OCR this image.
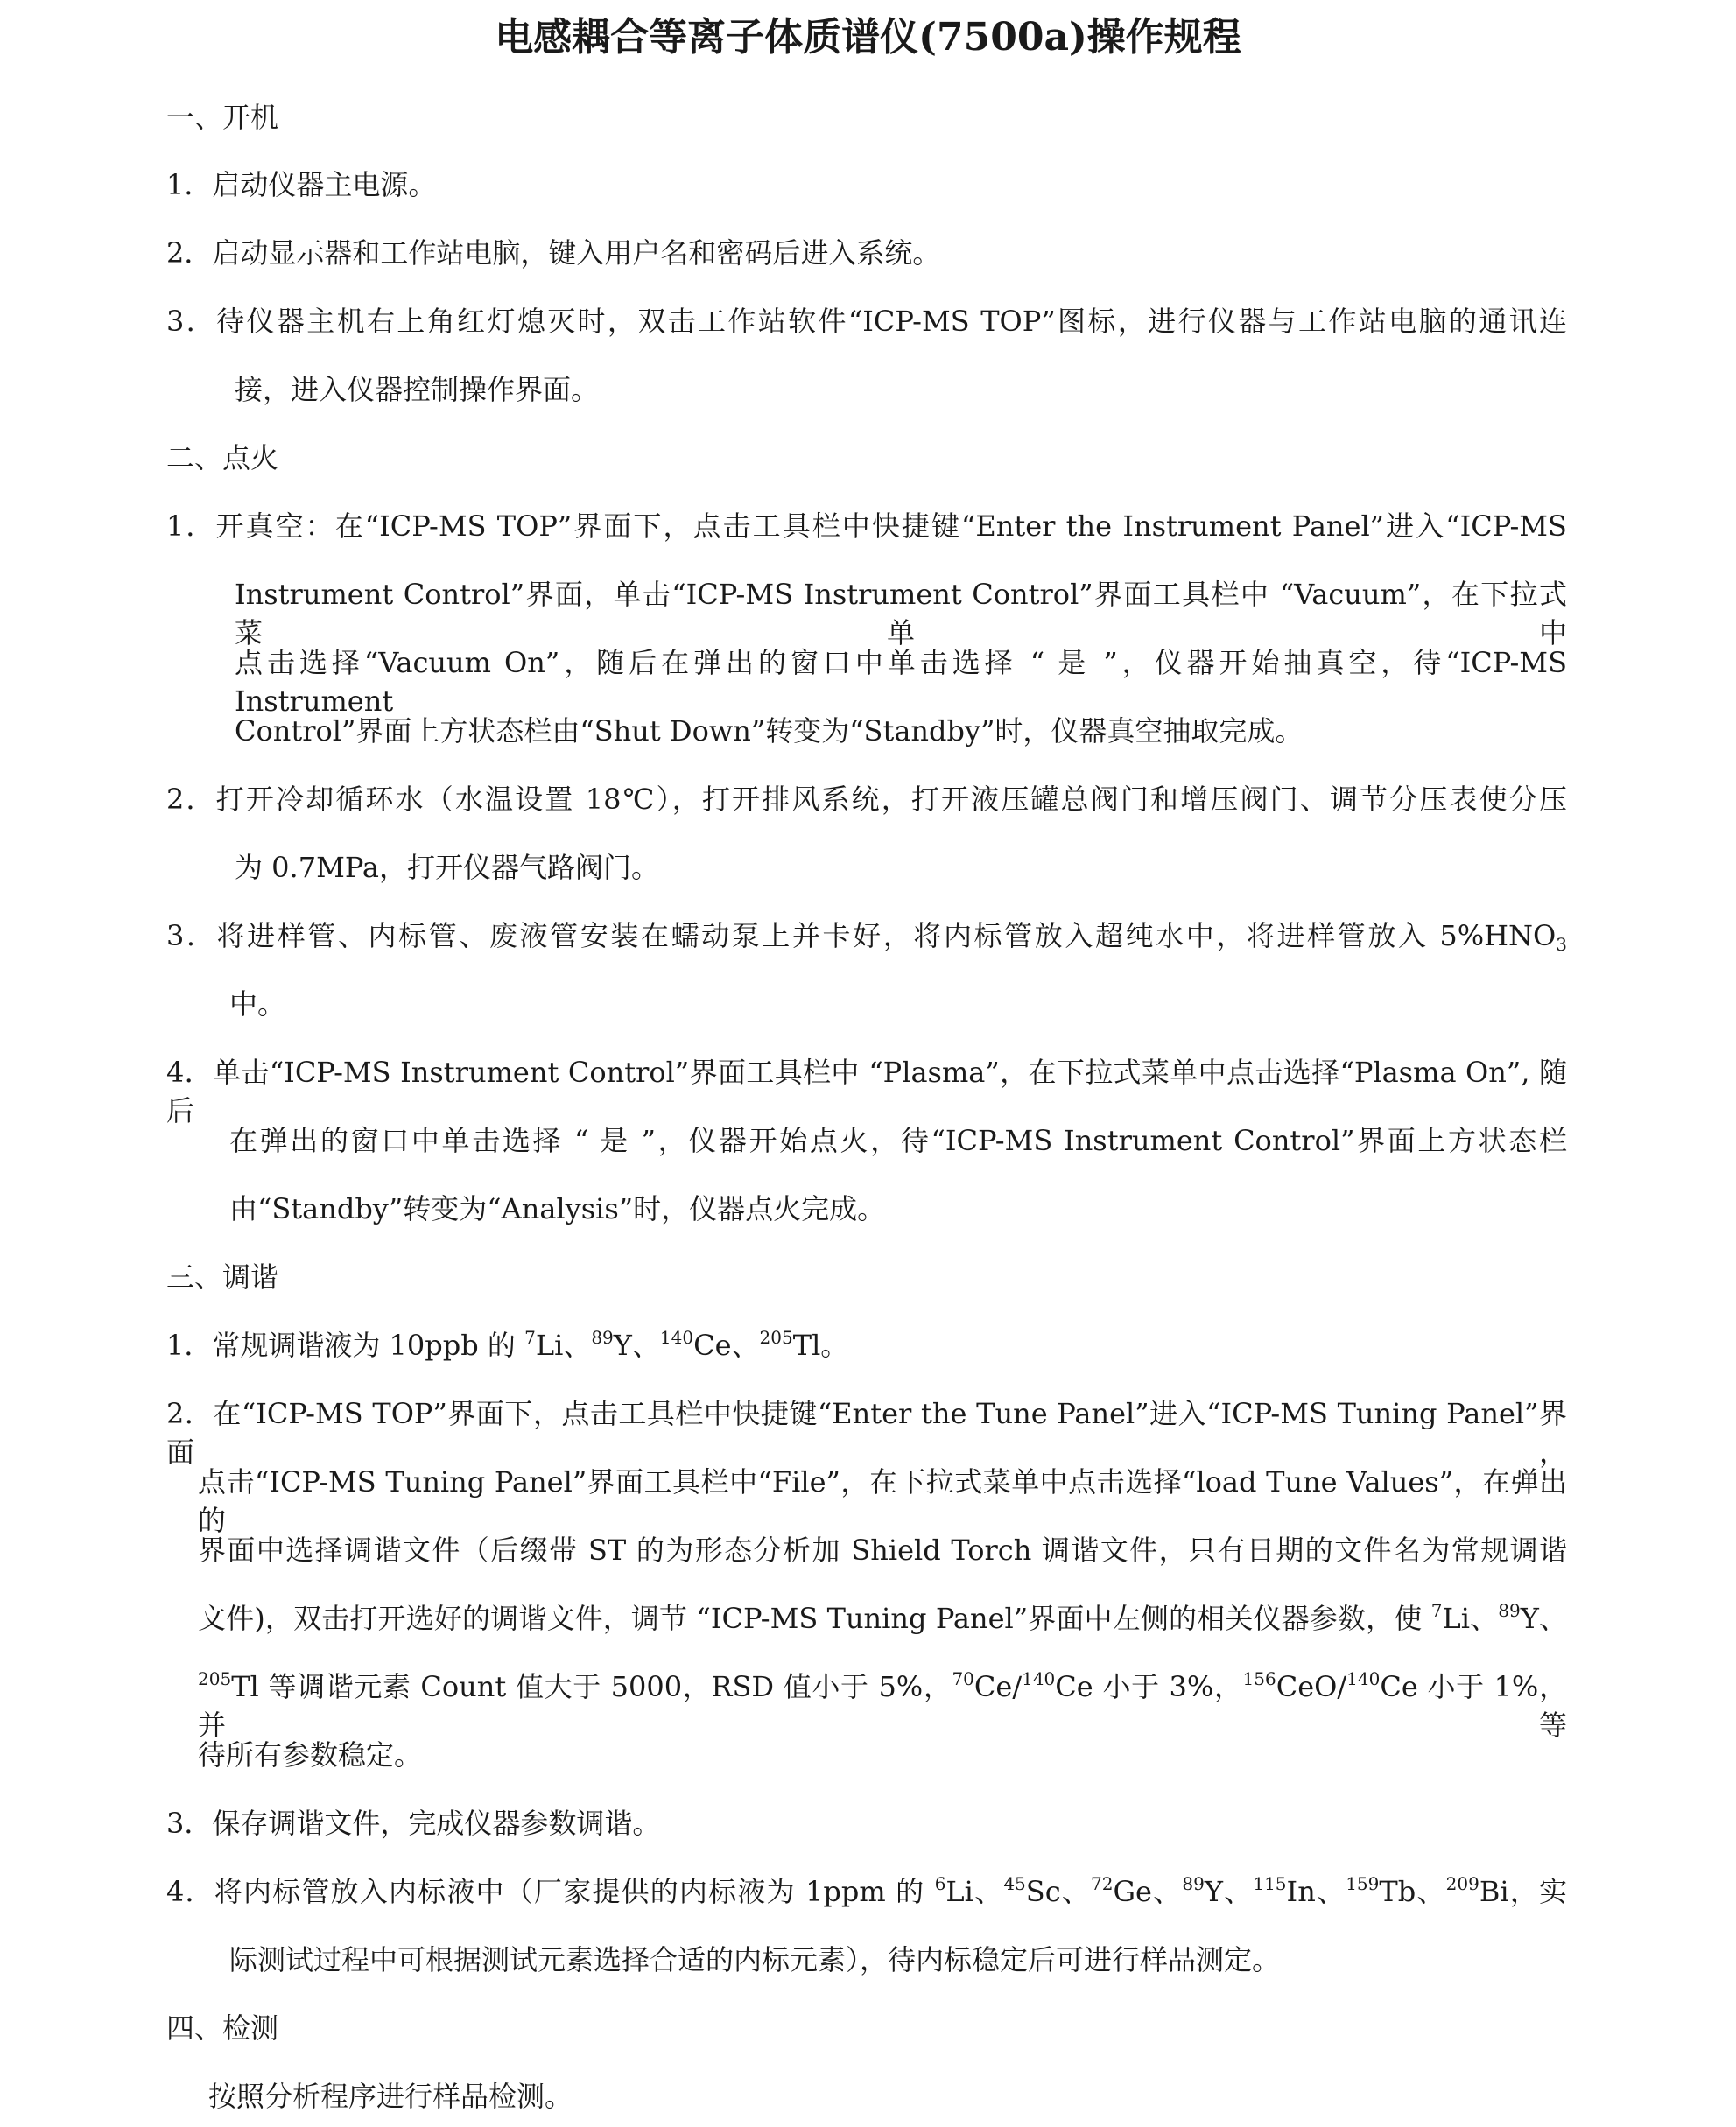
电感耦合等离子体质谱仪(7500a)操作规程
一、开机
1．启动仪器主电源。
2．启动显示器和工作站电脑，键入用户名和密码后进入系统。
3．待仪器主机右上角红灯熄灭时，双击工作站软件“ICP-MS TOP”图标，进行仪器与工作站电脑的通讯连
接，进入仪器控制操作界面。
二、点火
1．开真空：在“ICP-MS TOP”界面下，点击工具栏中快捷键“Enter the Instrument Panel”进入“ICP-MS
Instrument Control”界面，单击“ICP-MS Instrument Control”界面工具栏中 “Vacuum”，在下拉式菜单中
点击选择“Vacuum On”，随后在弹出的窗口中单击选择 “ 是 ”，仪器开始抽真空，待“ICP-MS Instrument
Control”界面上方状态栏由“Shut Down”转变为“Standby”时，仪器真空抽取完成。
2．打开冷却循环水（水温设置 18℃），打开排风系统，打开液压罐总阀门和增压阀门、调节分压表使分压
为 0.7MPa，打开仪器气路阀门。
3．将进样管、内标管、废液管安装在蠕动泵上并卡好，将内标管放入超纯水中，将进样管放入 $5\%HNO_3$
中。
4．单击“ICP-MS Instrument Control”界面工具栏中 “Plasma”，在下拉式菜单中点击选择“Plasma On”, 随后
在弹出的窗口中单击选择 “ 是 ”，仪器开始点火，待“ICP-MS Instrument Control”界面上方状态栏
由“Standby”转变为“Analysis”时，仪器点火完成。
三、调谐
1．常规调谐液为 10ppb 的 $^7$Li、$^{89}$Y、$^{140}$Ce、$^{205}$Tl。
2．在“ICP-MS TOP”界面下，点击工具栏中快捷键“Enter the Tune Panel”进入“ICP-MS Tuning Panel”界面，
点击“ICP-MS Tuning Panel”界面工具栏中“File”，在下拉式菜单中点击选择“load Tune Values”，在弹出的
界面中选择调谐文件（后缀带 ST 的为形态分析加 Shield Torch 调谐文件，只有日期的文件名为常规调谐
文件)，双击打开选好的调谐文件，调节 “ICP-MS Tuning Panel”界面中左侧的相关仪器参数，使 $^7$Li、$^{89}$Y、
$^{205}$Tl 等调谐元素 Count 值大于 5000，RSD 值小于 5%，$^{70}$Ce/$^{140}$Ce 小于 3%，$^{156}$CeO/$^{140}$Ce 小于 1%，并等
待所有参数稳定。
3．保存调谐文件，完成仪器参数调谐。
4．将内标管放入内标液中（厂家提供的内标液为 1ppm 的 $^6$Li、$^{45}$Sc、$^{72}$Ge、$^{89}$Y、$^{115}$In、$^{159}$Tb、$^{209}$Bi，实
际测试过程中可根据测试元素选择合适的内标元素），待内标稳定后可进行样品测定。
四、检测
按照分析程序进行样品检测。
